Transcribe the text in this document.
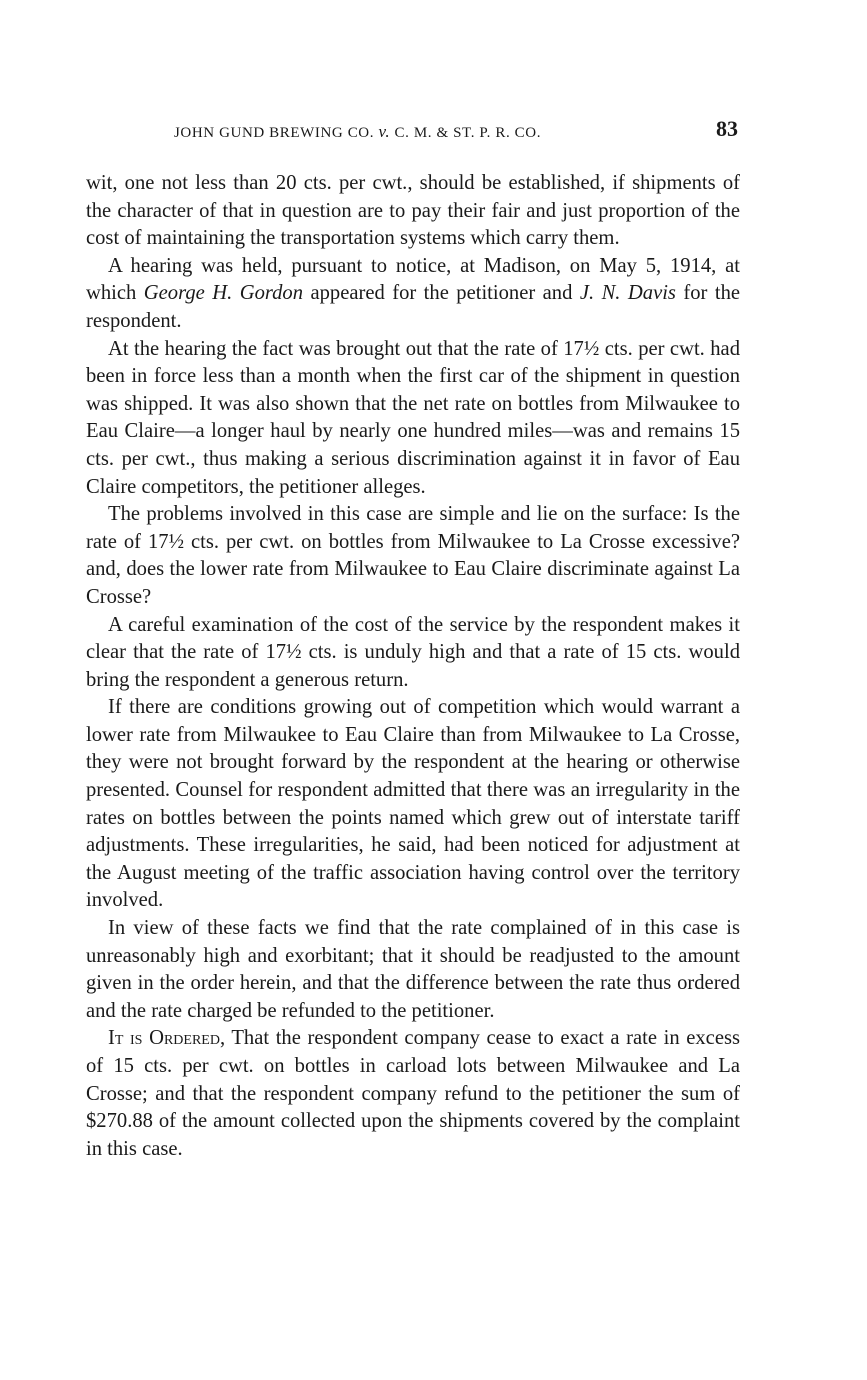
JOHN GUND BREWING CO. v. C. M. & ST. P. R. CO.	83

wit, one not less than 20 cts. per cwt., should be established, if shipments of the character of that in question are to pay their fair and just proportion of the cost of maintaining the transportation systems which carry them.

A hearing was held, pursuant to notice, at Madison, on May 5, 1914, at which George H. Gordon appeared for the petitioner and J. N. Davis for the respondent.

At the hearing the fact was brought out that the rate of 17½ cts. per cwt. had been in force less than a month when the first car of the shipment in question was shipped. It was also shown that the net rate on bottles from Milwaukee to Eau Claire—a longer haul by nearly one hundred miles—was and remains 15 cts. per cwt., thus making a serious discrimination against it in favor of Eau Claire competitors, the petitioner alleges.

The problems involved in this case are simple and lie on the surface: Is the rate of 17½ cts. per cwt. on bottles from Milwaukee to La Crosse excessive? and, does the lower rate from Milwaukee to Eau Claire discriminate against La Crosse?

A careful examination of the cost of the service by the respondent makes it clear that the rate of 17½ cts. is unduly high and that a rate of 15 cts. would bring the respondent a generous return.

If there are conditions growing out of competition which would warrant a lower rate from Milwaukee to Eau Claire than from Milwaukee to La Crosse, they were not brought forward by the respondent at the hearing or otherwise presented. Counsel for respondent admitted that there was an irregularity in the rates on bottles between the points named which grew out of interstate tariff adjustments. These irregularities, he said, had been noticed for adjustment at the August meeting of the traffic association having control over the territory involved.

In view of these facts we find that the rate complained of in this case is unreasonably high and exorbitant; that it should be readjusted to the amount given in the order herein, and that the difference between the rate thus ordered and the rate charged be refunded to the petitioner.

It is Ordered, That the respondent company cease to exact a rate in excess of 15 cts. per cwt. on bottles in carload lots between Milwaukee and La Crosse; and that the respondent company refund to the petitioner the sum of $270.88 of the amount collected upon the shipments covered by the complaint in this case.
